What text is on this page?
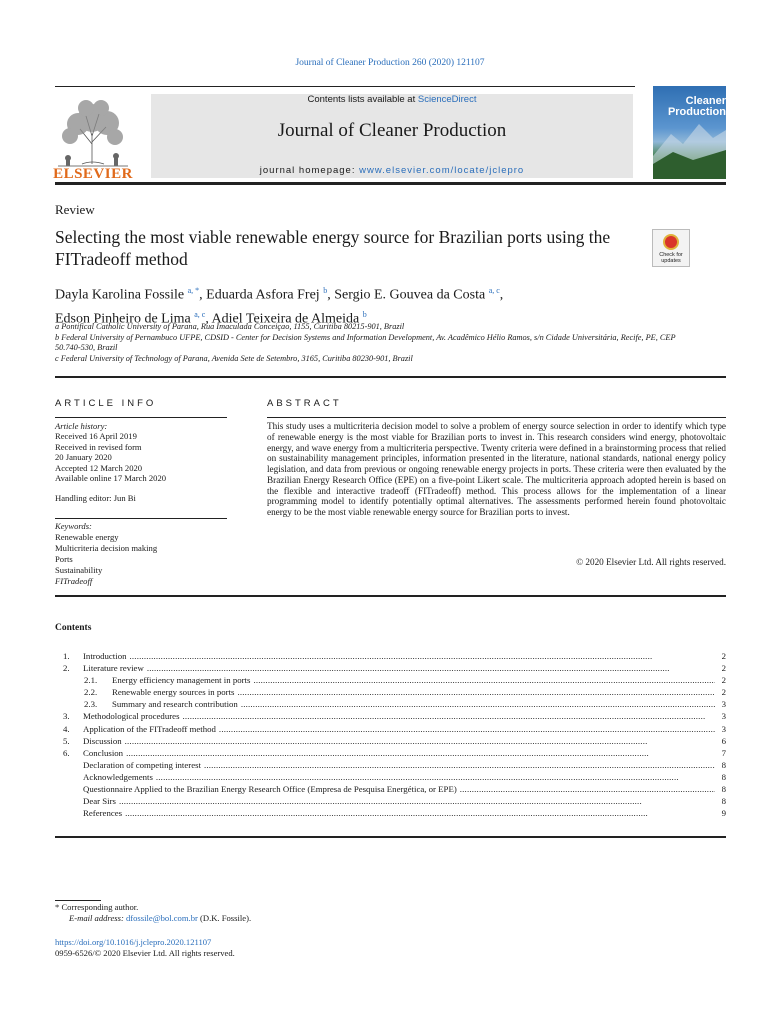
Journal of Cleaner Production 260 (2020) 121107
ELSEVIER
Contents lists available at ScienceDirect
Journal of Cleaner Production
journal homepage: www.elsevier.com/locate/jclepro
Cleaner
Production
Review
Selecting the most viable renewable energy source for Brazilian ports using the FITradeoff method	Check for
updates
Dayla Karolina Fossile $^{a, *}$, Eduarda Asfora Frej $^b$, Sergio E. Gouvea da Costa $^{a, c}$,
Edson Pinheiro de Lima $^{a, c}$, Adiel Teixeira de Almeida $^b$
a Pontifical Catholic University of Parana, Rua Imaculada Conceiçao, 1155, Curitiba 80215-901, Brazil
b Federal University of Pernambuco UFPE, CDSID - Center for Decision Systems and Information Development, Av. Acadêmico Hélio Ramos, s/n Cidade Universitária, Recife, PE, CEP 50.740-530, Brazil
c Federal University of Technology of Parana, Avenida Sete de Setembro, 3165, Curitiba 80230-901, Brazil
ARTICLE INFO
Article history:
Received 16 April 2019
Received in revised form
20 January 2020
Accepted 12 March 2020
Available online 17 March 2020
Handling editor: Jun Bi
Keywords:
Renewable energy
Multicriteria decision making
Ports
Sustainability
FITradeoff
ABSTRACT
This study uses a multicriteria decision model to solve a problem of energy source selection in order to identify which type of renewable energy is the most viable for Brazilian ports to invest in. This research considers wind energy, photovoltaic energy, and wave energy from a multicriteria perspective. Twenty criteria were defined in a brainstorming process that relied on sustainability management principles, information presented in the literature, national standards, national energy policy legislation, and data from previous or ongoing renewable energy projects in ports. These criteria were then evaluated by the Brazilian Energy Research Office (EPE) on a five-point Likert scale. The multicriteria approach adopted herein is based on the flexible and interactive tradeoff (FITradeoff) method. This process allows for the implementation of a linear programming model to identify potentially optimal alternatives. The assessments performed herein found photovoltaic energy to be the most viable renewable energy source for Brazilian ports to invest.
© 2020 Elsevier Ltd. All rights reserved.
Contents
1.	Introduction . . .	2
2.	Literature review . . .	2
2.1.	Energy efficiency management in ports . . .	2
2.2.	Renewable energy sources in ports . . .	2
2.3.	Summary and research contribution . . .	3
3.	Methodological procedures . . .	3
4.	Application of the FITradeoff method . . .	3
5.	Discussion . . .	6
6.	Conclusion . . .	7
Declaration of competing interest . . .	8
Acknowledgements . . .	8
Questionnaire Applied to the Brazilian Energy Research Office (Empresa de Pesquisa Energética, or EPE) . . .	8
Dear Sirs . . .	8
References . . .	9
* Corresponding author.
E-mail address: dfossile@bol.com.br (D.K. Fossile).
https://doi.org/10.1016/j.jclepro.2020.121107
0959-6526/© 2020 Elsevier Ltd. All rights reserved.
